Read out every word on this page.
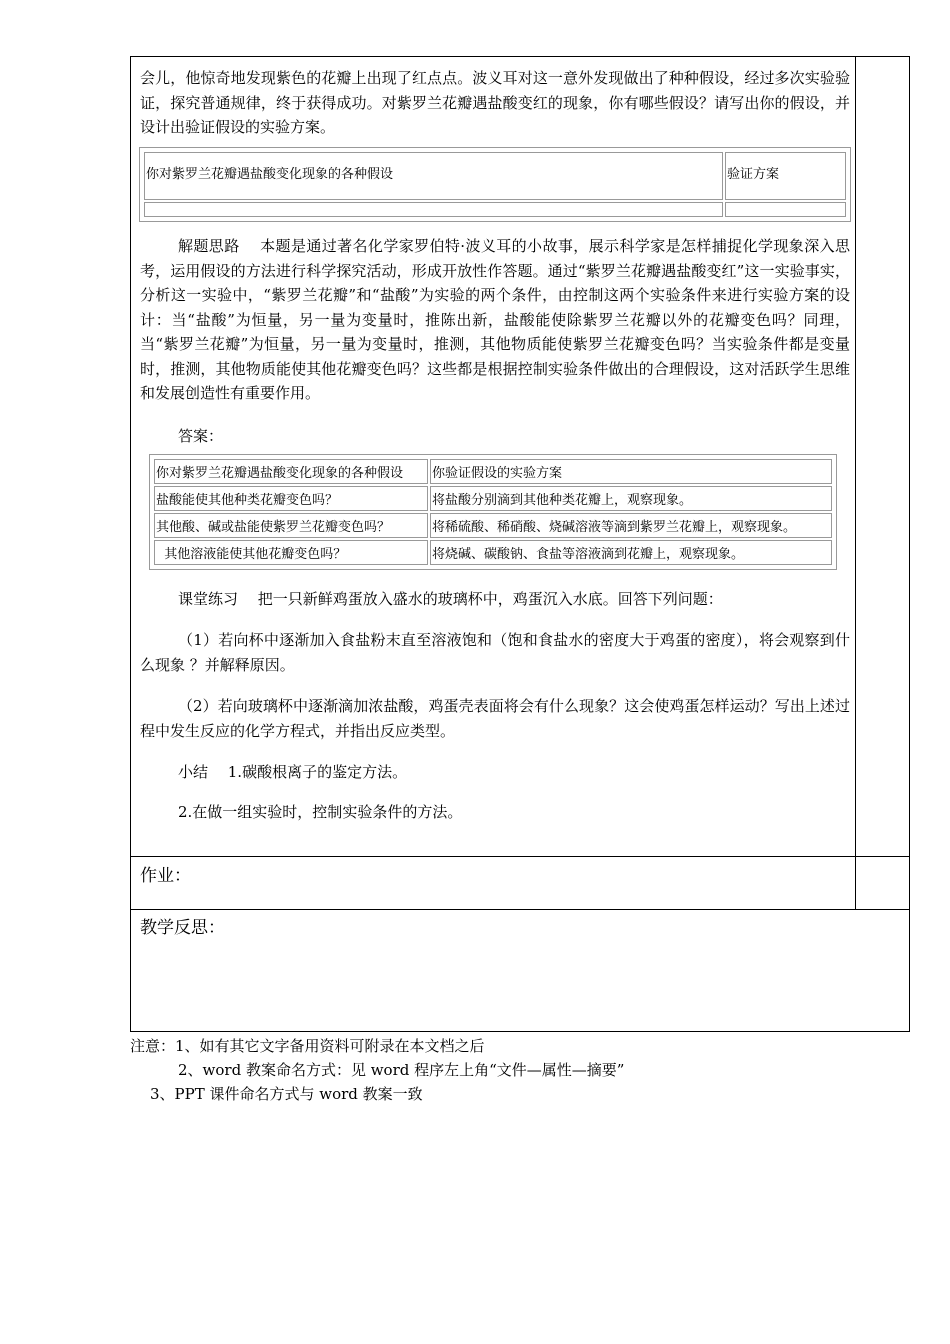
会儿，他惊奇地发现紫色的花瓣上出现了红点点。波义耳对这一意外发现做出了种种假设，经过多次实验验证，探究普通规律，终于获得成功。对紫罗兰花瓣遇盐酸变红的现象，你有哪些假设？请写出你的假设，并设计出验证假设的实验方案。

你对紫罗兰花瓣遇盐酸变化现象的各种假设	验证方案

解题思路　 本题是通过著名化学家罗伯特·波义耳的小故事，展示科学家是怎样捕捉化学现象深入思考，运用假设的方法进行科学探究活动，形成开放性作答题。通过“紫罗兰花瓣遇盐酸变红”这一实验事实，分析这一实验中，“紫罗兰花瓣”和“盐酸”为实验的两个条件，由控制这两个实验条件来进行实验方案的设计：当“盐酸”为恒量，另一量为变量时，推陈出新，盐酸能使除紫罗兰花瓣以外的花瓣变色吗？同理，当“紫罗兰花瓣”为恒量，另一量为变量时，推测，其他物质能使紫罗兰花瓣变色吗？当实验条件都是变量时，推测，其他物质能使其他花瓣变色吗？这些都是根据控制实验条件做出的合理假设，这对活跃学生思维和发展创造性有重要作用。

答案：

你对紫罗兰花瓣遇盐酸变化现象的各种假设	你验证假设的实验方案
盐酸能使其他种类花瓣变色吗？	将盐酸分别滴到其他种类花瓣上，观察现象。
其他酸、碱或盐能使紫罗兰花瓣变色吗？	将稀硫酸、稀硝酸、烧碱溶液等滴到紫罗兰花瓣上，观察现象。
其他溶液能使其他花瓣变色吗？	将烧碱、碳酸钠、食盐等溶液滴到花瓣上，观察现象。

课堂练习　 把一只新鲜鸡蛋放入盛水的玻璃杯中，鸡蛋沉入水底。回答下列问题：

（1）若向杯中逐渐加入食盐粉末直至溶液饱和（饱和食盐水的密度大于鸡蛋的密度），将会观察到什么现象 ？并解释原因。

（2）若向玻璃杯中逐渐滴加浓盐酸，鸡蛋壳表面将会有什么现象？这会使鸡蛋怎样运动？写出上述过程中发生反应的化学方程式，并指出反应类型。

小结　 1.碳酸根离子的鉴定方法。

2.在做一组实验时，控制实验条件的方法。

作业：
教学反思：
注意：1、如有其它文字备用资料可附录在本文档之后
2、word 教案命名方式：见 word 程序左上角“文件—属性—摘要”
3、PPT 课件命名方式与 word 教案一致
